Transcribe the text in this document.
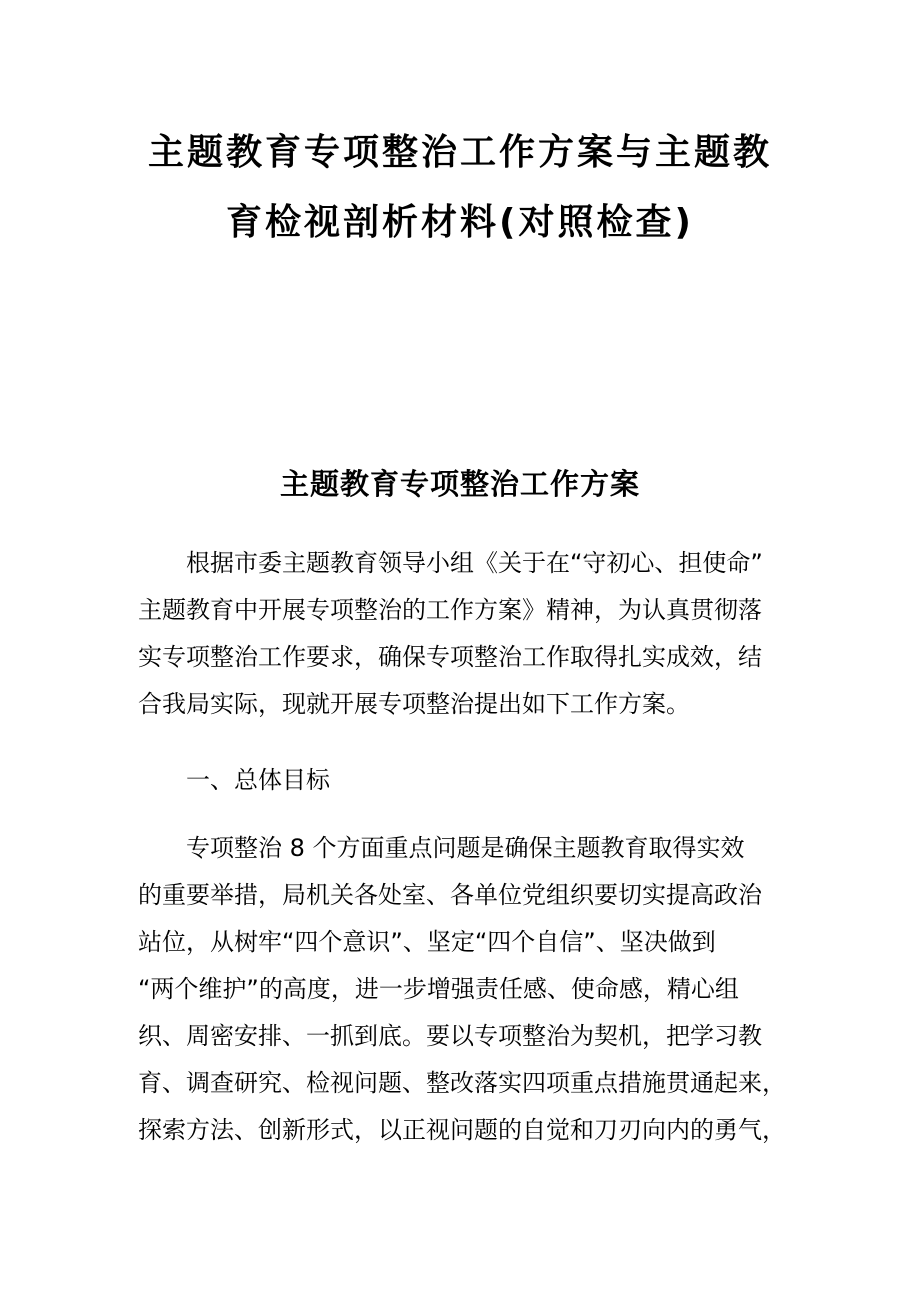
主题教育专项整治工作方案与主题教
育检视剖析材料(对照检查)
主题教育专项整治工作方案
　　根据市委主题教育领导小组《关于在“守初心、担使命”
主题教育中开展专项整治的工作方案》精神，为认真贯彻落
实专项整治工作要求，确保专项整治工作取得扎实成效，结
合我局实际，现就开展专项整治提出如下工作方案。
　　一、总体目标
　　专项整治 8 个方面重点问题是确保主题教育取得实效
的重要举措，局机关各处室、各单位党组织要切实提高政治
站位，从树牢“四个意识”、坚定“四个自信”、坚决做到
“两个维护”的高度，进一步增强责任感、使命感，精心组
织、周密安排、一抓到底。要以专项整治为契机，把学习教
育、调查研究、检视问题、整改落实四项重点措施贯通起来，
探索方法、创新形式，以正视问题的自觉和刀刃向内的勇气，
